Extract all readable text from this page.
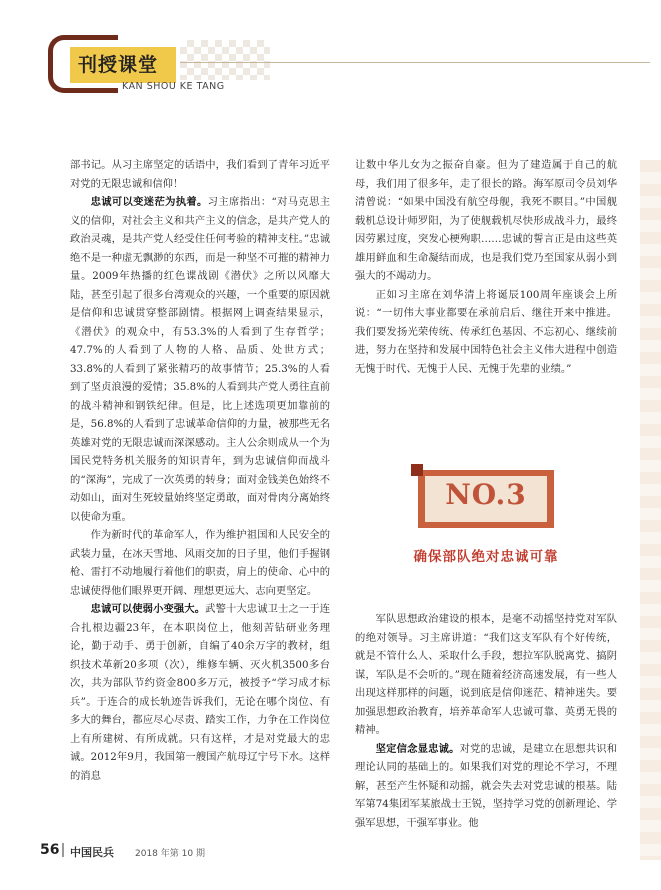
刊授课堂
KAN SHOU KE TANG

部书记。从习主席坚定的话语中，我们看到了青年习近平对党的无限忠诚和信仰！

忠诚可以变迷茫为执着。习主席指出：“对马克思主义的信仰，对社会主义和共产主义的信念，是共产党人的政治灵魂，是共产党人经受住任何考验的精神支柱。”忠诚绝不是一种虚无飘渺的东西，而是一种坚不可摧的精神力量。2009年热播的红色谍战剧《潜伏》之所以风靡大陆，甚至引起了很多台湾观众的兴趣，一个重要的原因就是信仰和忠诚贯穿整部剧情。根据网上调查结果显示，《潜伏》的观众中，有53.3%的人看到了生存哲学；47.7%的人看到了人物的人格、品质、处世方式；33.8%的人看到了紧张精巧的故事情节；25.3%的人看到了坚贞浪漫的爱情；35.8%的人看到共产党人勇往直前的战斗精神和钢铁纪律。但是，比上述选项更加靠前的是，56.8%的人看到了忠诚革命信仰的力量，被那些无名英雄对党的无限忠诚而深深感动。主人公余则成从一个为国民党特务机关服务的知识青年，到为忠诚信仰而战斗的“深海”，完成了一次英勇的转身；面对金钱美色始终不动如山，面对生死较量始终坚定勇敢，面对骨肉分离始终以使命为重。

作为新时代的革命军人，作为维护祖国和人民安全的武装力量，在冰天雪地、风雨交加的日子里，他们手握钢枪、雷打不动地履行着他们的职责，肩上的使命、心中的忠诚使得他们眼界更开阔、理想更远大、志向更坚定。

忠诚可以使弱小变强大。武警十大忠诚卫士之一于连合扎根边疆23年，在本职岗位上，他刻苦钻研业务理论，勤于动手、勇于创新，自编了40余万字的教材，组织技术革新20多项（次），维修车辆、灭火机3500多台次，共为部队节约资金800多万元，被授予“学习成才标兵”。于连合的成长轨迹告诉我们，无论在哪个岗位、有多大的舞台，都应尽心尽责、踏实工作，力争在工作岗位上有所建树、有所成就。只有这样，才是对党最大的忠诚。2012年9月，我国第一艘国产航母辽宁号下水。这样的消息

让数中华儿女为之振奋自豪。但为了建造属于自己的航母，我们用了很多年，走了很长的路。海军原司令员刘华清曾说：“如果中国没有航空母舰，我死不瞑目。”中国舰载机总设计师罗阳，为了使舰载机尽快形成战斗力，最终因劳累过度，突发心梗殉职……忠诚的誓言正是由这些英雄用鲜血和生命凝结而成，也是我们党乃至国家从弱小到强大的不竭动力。

正如习主席在刘华清上将诞辰100周年座谈会上所说：“一切伟大事业都要在承前启后、继往开来中推进。我们要发扬光荣传统、传承红色基因、不忘初心、继续前进，努力在坚持和发展中国特色社会主义伟大进程中创造无愧于时代、无愧于人民、无愧于先辈的业绩。”

NO.3
确保部队绝对忠诚可靠

军队思想政治建设的根本，是毫不动摇坚持党对军队的绝对领导。习主席讲道：“我们这支军队有个好传统，就是不管什么人、采取什么手段，想拉军队脱离党、搞阴谋，军队是不会听的。”现在随着经济高速发展，有一些人出现这样那样的问题，说到底是信仰迷茫、精神迷失。要加强思想政治教育，培养革命军人忠诚可靠、英勇无畏的精神。

坚定信念显忠诚。对党的忠诚，是建立在思想共识和理论认同的基础上的。如果我们对党的理论不学习，不理解，甚至产生怀疑和动摇，就会失去对党忠诚的根基。陆军第74集团军某旅战士王锐，坚持学习党的创新理论、学强军思想，干强军事业。他

56 中国民兵 2018 年第 10 期
